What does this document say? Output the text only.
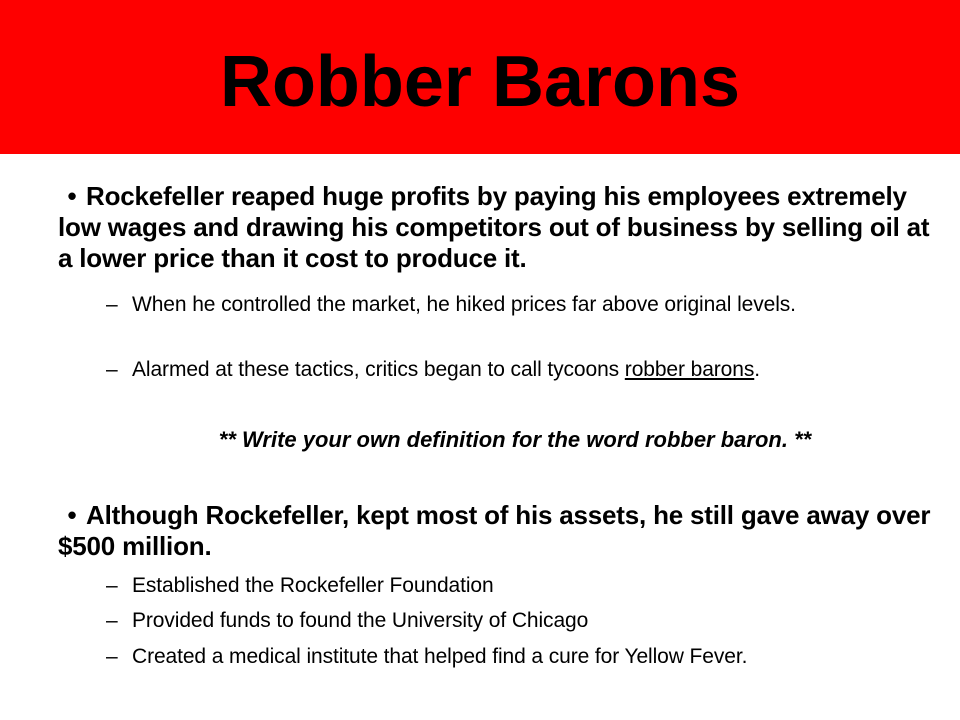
Robber Barons
• Rockefeller reaped huge profits by paying his employees extremely low wages and drawing his competitors out of business by selling oil at a lower price than it cost to produce it.
– When he controlled the market, he hiked prices far above original levels.
– Alarmed at these tactics, critics began to call tycoons robber barons.
** Write your own definition for the word robber baron. **
• Although Rockefeller, kept most of his assets, he still gave away over $500 million.
– Established the Rockefeller Foundation
– Provided funds to found the University of Chicago
– Created a medical institute that helped find a cure for Yellow Fever.
